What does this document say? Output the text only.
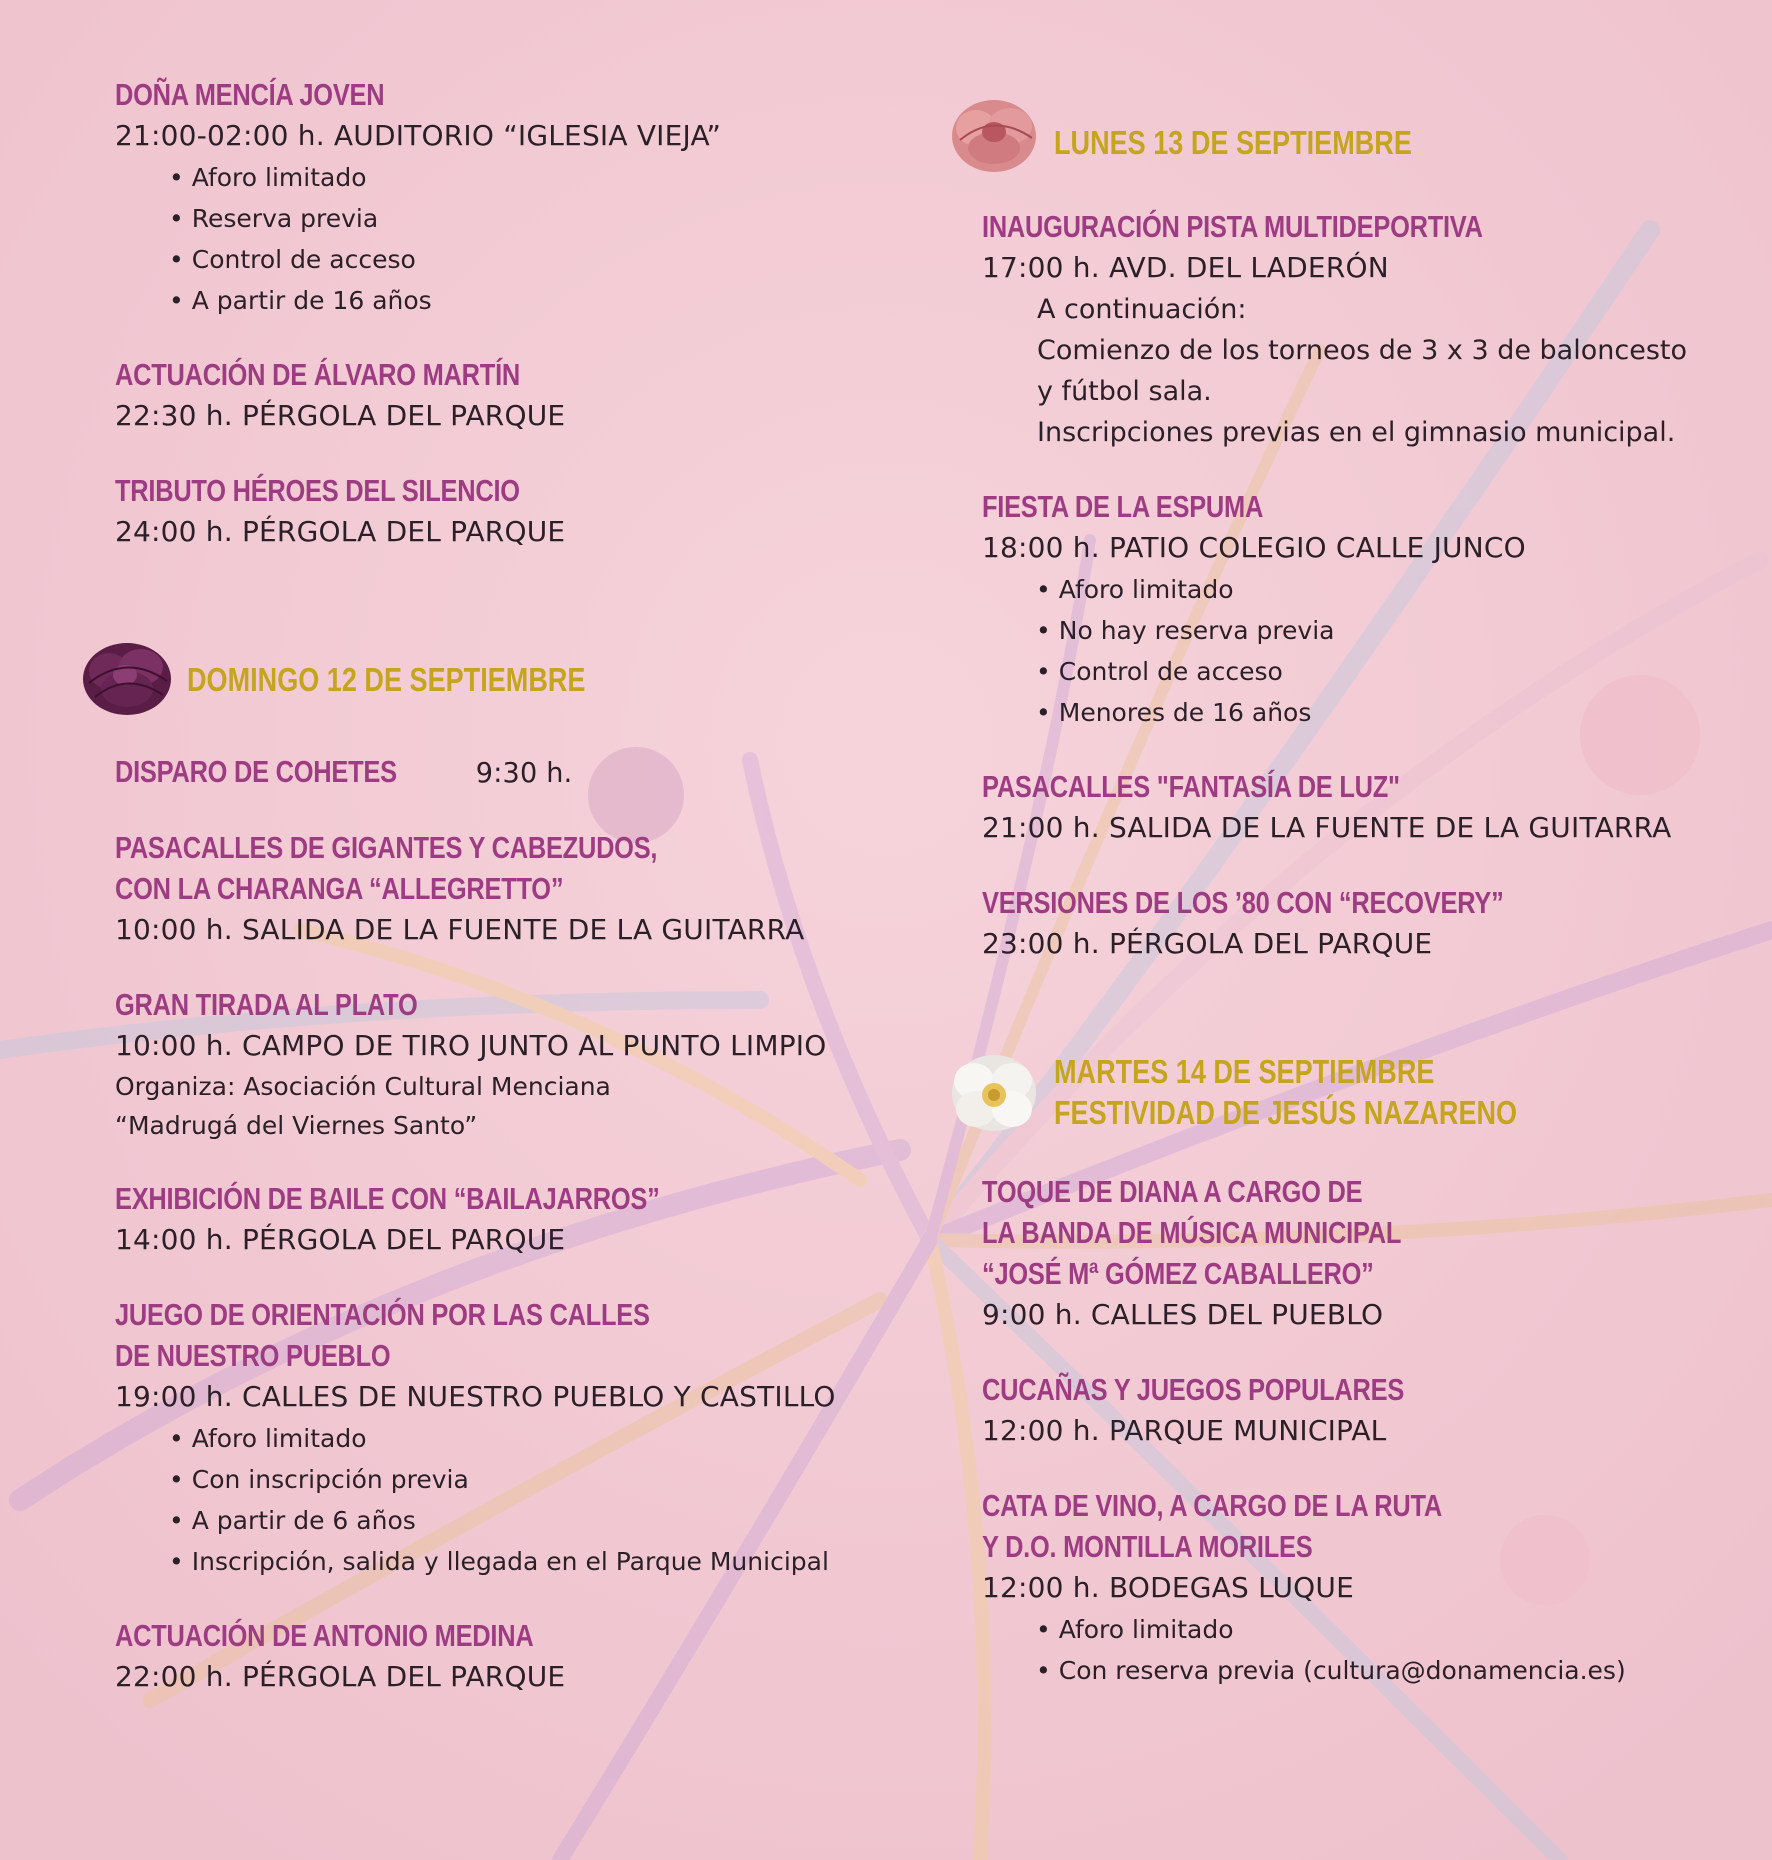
DOÑA MENCÍA JOVEN
21:00-02:00 h. AUDITORIO “IGLESIA VIEJA”
• Aforo limitado
• Reserva previa
• Control de acceso
• A partir de 16 años
ACTUACIÓN DE ÁLVARO MARTÍN
22:30 h. PÉRGOLA DEL PARQUE
TRIBUTO HÉROES DEL SILENCIO
24:00 h. PÉRGOLA DEL PARQUE
DOMINGO 12 DE SEPTIEMBRE
DISPARO DE COHETES	9:30 h.
PASACALLES DE GIGANTES Y CABEZUDOS,
CON LA CHARANGA “ALLEGRETTO”
10:00 h. SALIDA DE LA FUENTE DE LA GUITARRA
GRAN TIRADA AL PLATO
10:00 h. CAMPO DE TIRO JUNTO AL PUNTO LIMPIO
Organiza: Asociación Cultural Menciana
“Madrugá del Viernes Santo”
EXHIBICIÓN DE BAILE CON “BAILAJARROS”
14:00 h. PÉRGOLA DEL PARQUE
JUEGO DE ORIENTACIÓN POR LAS CALLES
DE NUESTRO PUEBLO
19:00 h. CALLES DE NUESTRO PUEBLO Y CASTILLO
• Aforo limitado
• Con inscripción previa
• A partir de 6 años
• Inscripción, salida y llegada en el Parque Municipal
ACTUACIÓN DE ANTONIO MEDINA
22:00 h. PÉRGOLA DEL PARQUE
LUNES 13 DE SEPTIEMBRE
INAUGURACIÓN PISTA MULTIDEPORTIVA
17:00 h. AVD. DEL LADERÓN
A continuación:
Comienzo de los torneos de 3 x 3 de baloncesto
y fútbol sala.
Inscripciones previas en el gimnasio municipal.
FIESTA DE LA ESPUMA
18:00 h. PATIO COLEGIO CALLE JUNCO
• Aforo limitado
• No hay reserva previa
• Control de acceso
• Menores de 16 años
PASACALLES "FANTASÍA DE LUZ"
21:00 h. SALIDA DE LA FUENTE DE LA GUITARRA
VERSIONES DE LOS ’80 CON “RECOVERY”
23:00 h. PÉRGOLA DEL PARQUE
MARTES 14 DE SEPTIEMBRE
FESTIVIDAD DE JESÚS NAZARENO
TOQUE DE DIANA A CARGO DE
LA BANDA DE MÚSICA MUNICIPAL
“JOSÉ Mª GÓMEZ CABALLERO”
9:00 h. CALLES DEL PUEBLO
CUCAÑAS Y JUEGOS POPULARES
12:00 h. PARQUE MUNICIPAL
CATA DE VINO, A CARGO DE LA RUTA
Y D.O. MONTILLA MORILES
12:00 h. BODEGAS LUQUE
• Aforo limitado
• Con reserva previa (cultura@donamencia.es)
